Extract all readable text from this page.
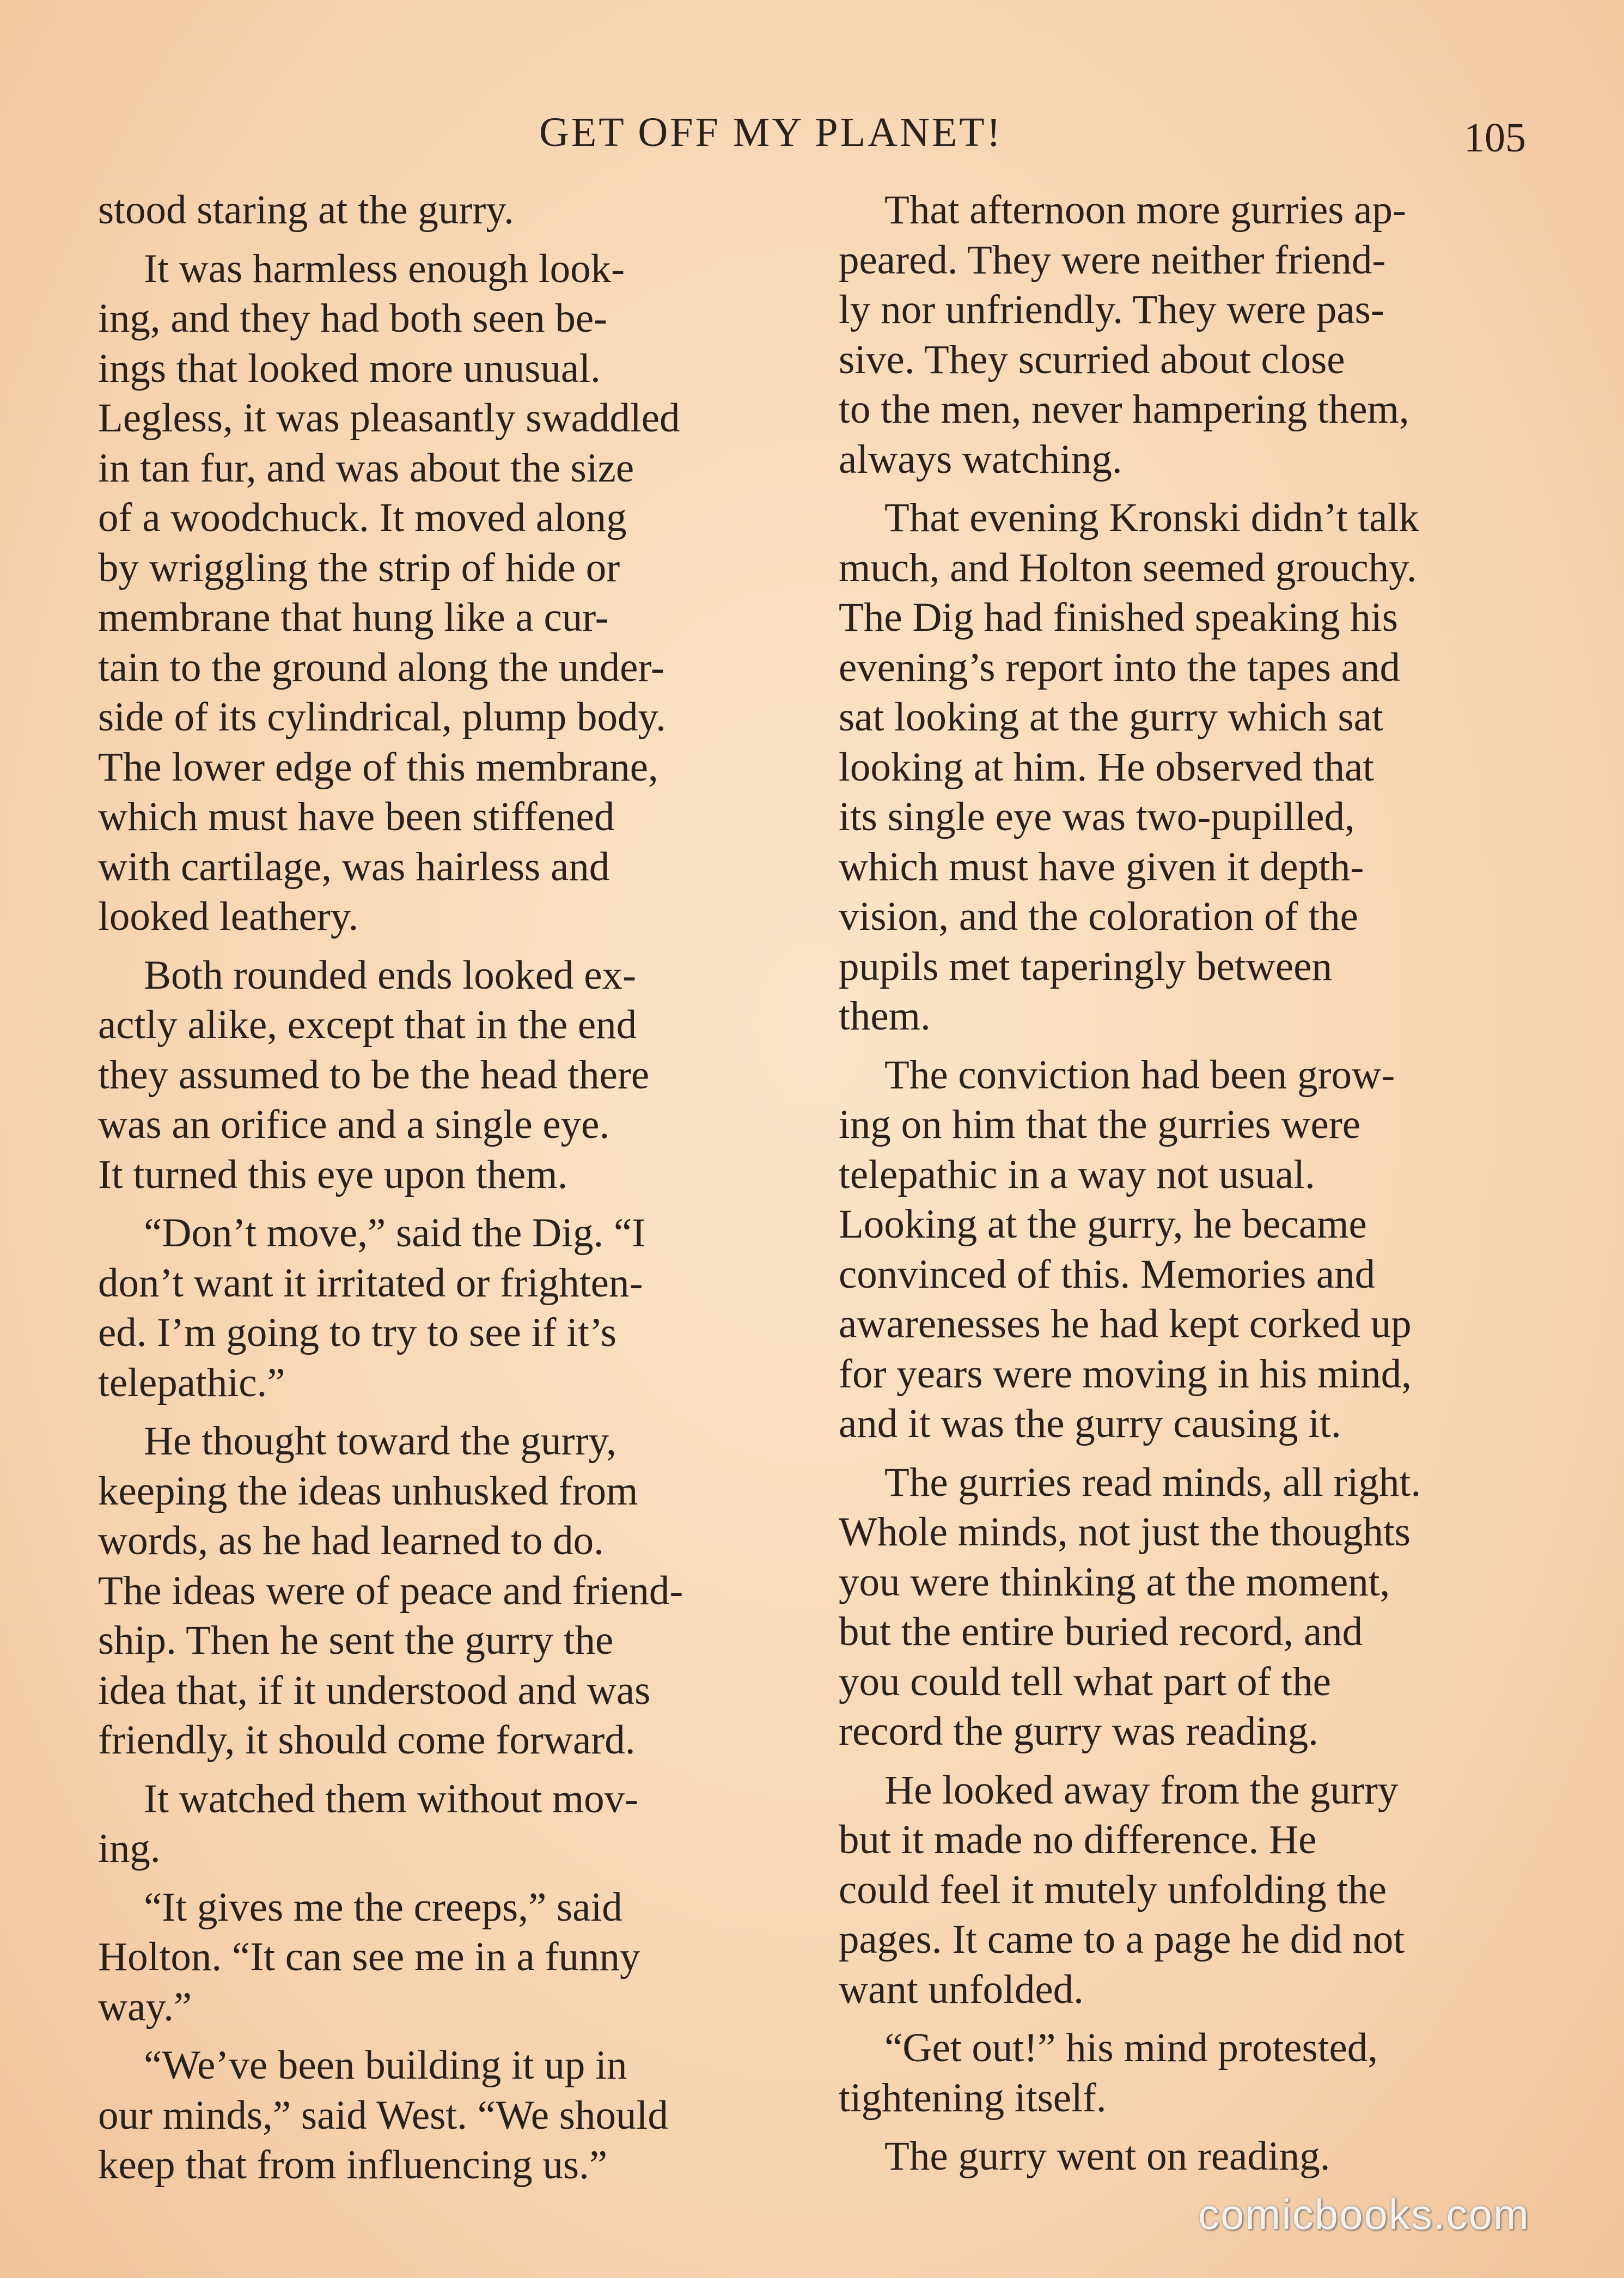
GET OFF MY PLANET!	105

stood staring at the gurry.

It was harmless enough look-
ing, and they had both seen be-
ings that looked more unusual.
Legless, it was pleasantly swaddled
in tan fur, and was about the size
of a woodchuck. It moved along
by wriggling the strip of hide or
membrane that hung like a cur-
tain to the ground along the under-
side of its cylindrical, plump body.
The lower edge of this membrane,
which must have been stiffened
with cartilage, was hairless and
looked leathery.

Both rounded ends looked ex-
actly alike, except that in the end
they assumed to be the head there
was an orifice and a single eye.
It turned this eye upon them.

“Don’t move,” said the Dig. “I
don’t want it irritated or frighten-
ed. I’m going to try to see if it’s
telepathic.”

He thought toward the gurry,
keeping the ideas unhusked from
words, as he had learned to do.
The ideas were of peace and friend-
ship. Then he sent the gurry the
idea that, if it understood and was
friendly, it should come forward.

It watched them without mov-
ing.

“It gives me the creeps,” said
Holton. “It can see me in a funny
way.”

“We’ve been building it up in
our minds,” said West. “We should
keep that from influencing us.”

That afternoon more gurries ap-
peared. They were neither friend-
ly nor unfriendly. They were pas-
sive. They scurried about close
to the men, never hampering them,
always watching.

That evening Kronski didn’t talk
much, and Holton seemed grouchy.
The Dig had finished speaking his
evening’s report into the tapes and
sat looking at the gurry which sat
looking at him. He observed that
its single eye was two-pupilled,
which must have given it depth-
vision, and the coloration of the
pupils met taperingly between
them.

The conviction had been grow-
ing on him that the gurries were
telepathic in a way not usual.
Looking at the gurry, he became
convinced of this. Memories and
awarenesses he had kept corked up
for years were moving in his mind,
and it was the gurry causing it.

The gurries read minds, all right.
Whole minds, not just the thoughts
you were thinking at the moment,
but the entire buried record, and
you could tell what part of the
record the gurry was reading.

He looked away from the gurry
but it made no difference. He
could feel it mutely unfolding the
pages. It came to a page he did not
want unfolded.

“Get out!” his mind protested,
tightening itself.

The gurry went on reading.

comicbooks.com
